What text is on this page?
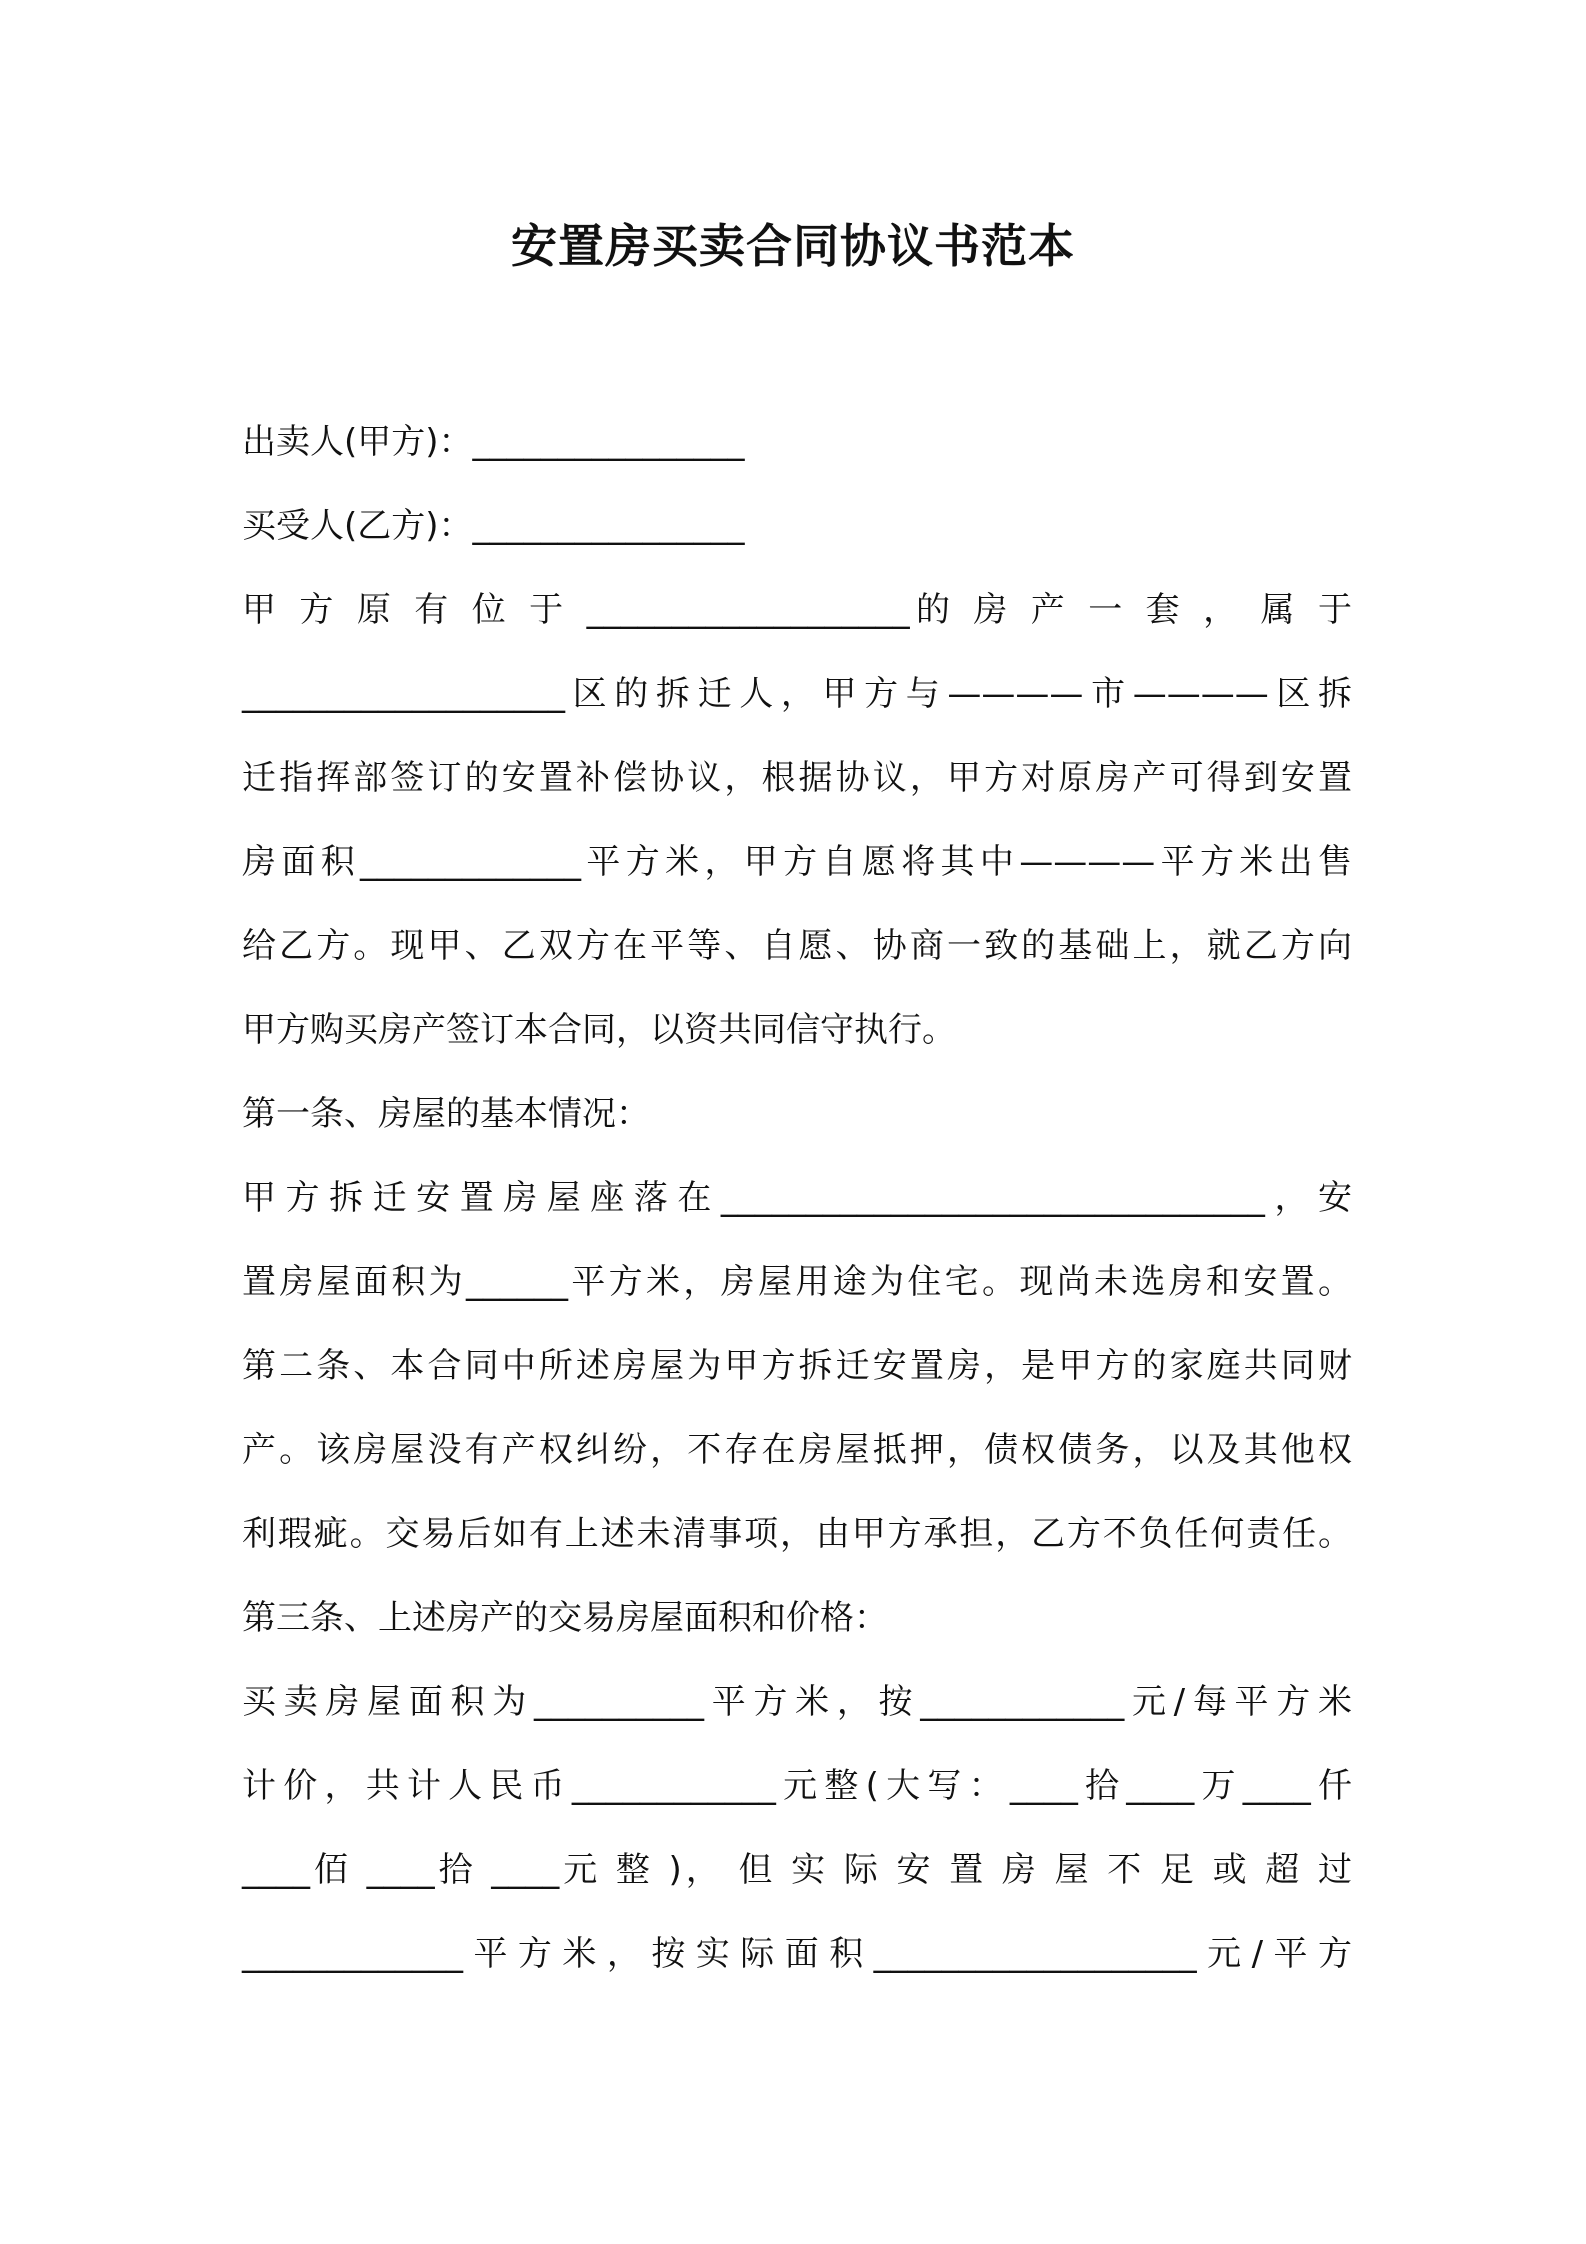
安置房买卖合同协议书范本
出卖人(甲方)：________________
买受人(乙方)：________________
甲 方 原 有 位 于 ___________________的 房 产 一 套 ， 属 于
___________________区的拆迁人，甲方与————市————区拆
迁指挥部签订的安置补偿协议，根据协议，甲方对原房产可得到安置
房面积_____________平方米，甲方自愿将其中————平方米出售
给乙方。现甲、乙双方在平等、自愿、协商一致的基础上，就乙方向
甲方购买房产签订本合同，以资共同信守执行。
第一条、房屋的基本情况：
甲方拆迁安置房屋座落在________________________________，安
置房屋面积为______平方米，房屋用途为住宅。现尚未选房和安置。
第二条、本合同中所述房屋为甲方拆迁安置房，是甲方的家庭共同财
产。该房屋没有产权纠纷，不存在房屋抵押，债权债务，以及其他权
利瑕疵。交易后如有上述未清事项，由甲方承担，乙方不负任何责任。
第三条、上述房产的交易房屋面积和价格：
买卖房屋面积为__________平方米，按____________元/每平方米
计价，共计人民币____________元整(大写：____拾____万____仟
____佰 ____拾 ____元 整 )， 但 实 际 安 置 房 屋 不 足 或 超 过
_____________平方米，按实际面积___________________元/平方
